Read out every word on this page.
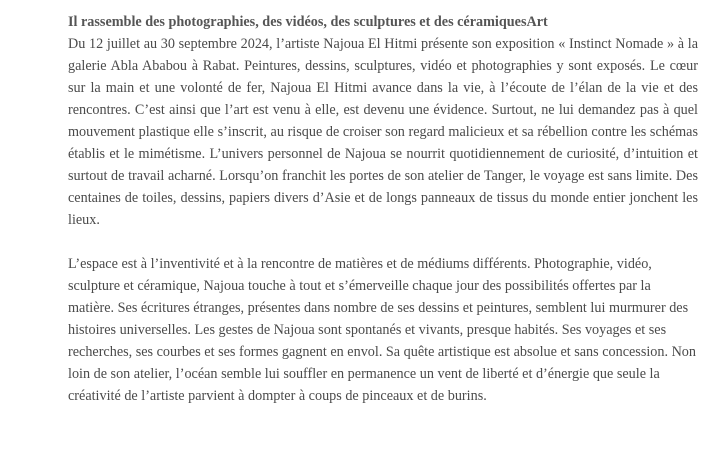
Il rassemble des photographies, des vidéos, des sculptures et des céramiquesArt

Du 12 juillet au 30 septembre 2024, l’artiste Najoua El Hitmi présente son exposition « Instinct Nomade » à la galerie Abla Ababou à Rabat. Peintures, dessins, sculptures, vidéo et photographies y sont exposés. Le cœur sur la main et une volonté de fer, Najoua El Hitmi avance dans la vie, à l’écoute de l’élan de la vie et des rencontres. C’est ainsi que l’art est venu à elle, est devenu une évidence. Surtout, ne lui demandez pas à quel mouvement plastique elle s’inscrit, au risque de croiser son regard malicieux et sa rébellion contre les schémas établis et le mimétisme. L’univers personnel de Najoua se nourrit quotidiennement de curiosité, d’intuition et surtout de travail acharné. Lorsqu’on franchit les portes de son atelier de Tanger, le voyage est sans limite. Des centaines de toiles, dessins, papiers divers d’Asie et de longs panneaux de tissus du monde entier jonchent les lieux.

L’espace est à l’inventivité et à la rencontre de matières et de médiums différents. Photographie, vidéo, sculpture et céramique, Najoua touche à tout et s’émerveille chaque jour des possibilités offertes par la matière. Ses écritures étranges, présentes dans nombre de ses dessins et peintures, semblent lui murmurer des histoires universelles. Les gestes de Najoua sont spontanés et vivants, presque habités. Ses voyages et ses recherches, ses courbes et ses formes gagnent en envol. Sa quête artistique est absolue et sans concession. Non loin de son atelier, l’océan semble lui souffler en permanence un vent de liberté et d’énergie que seule la créativité de l’artiste parvient à dompter à coups de pinceaux et de burins.
